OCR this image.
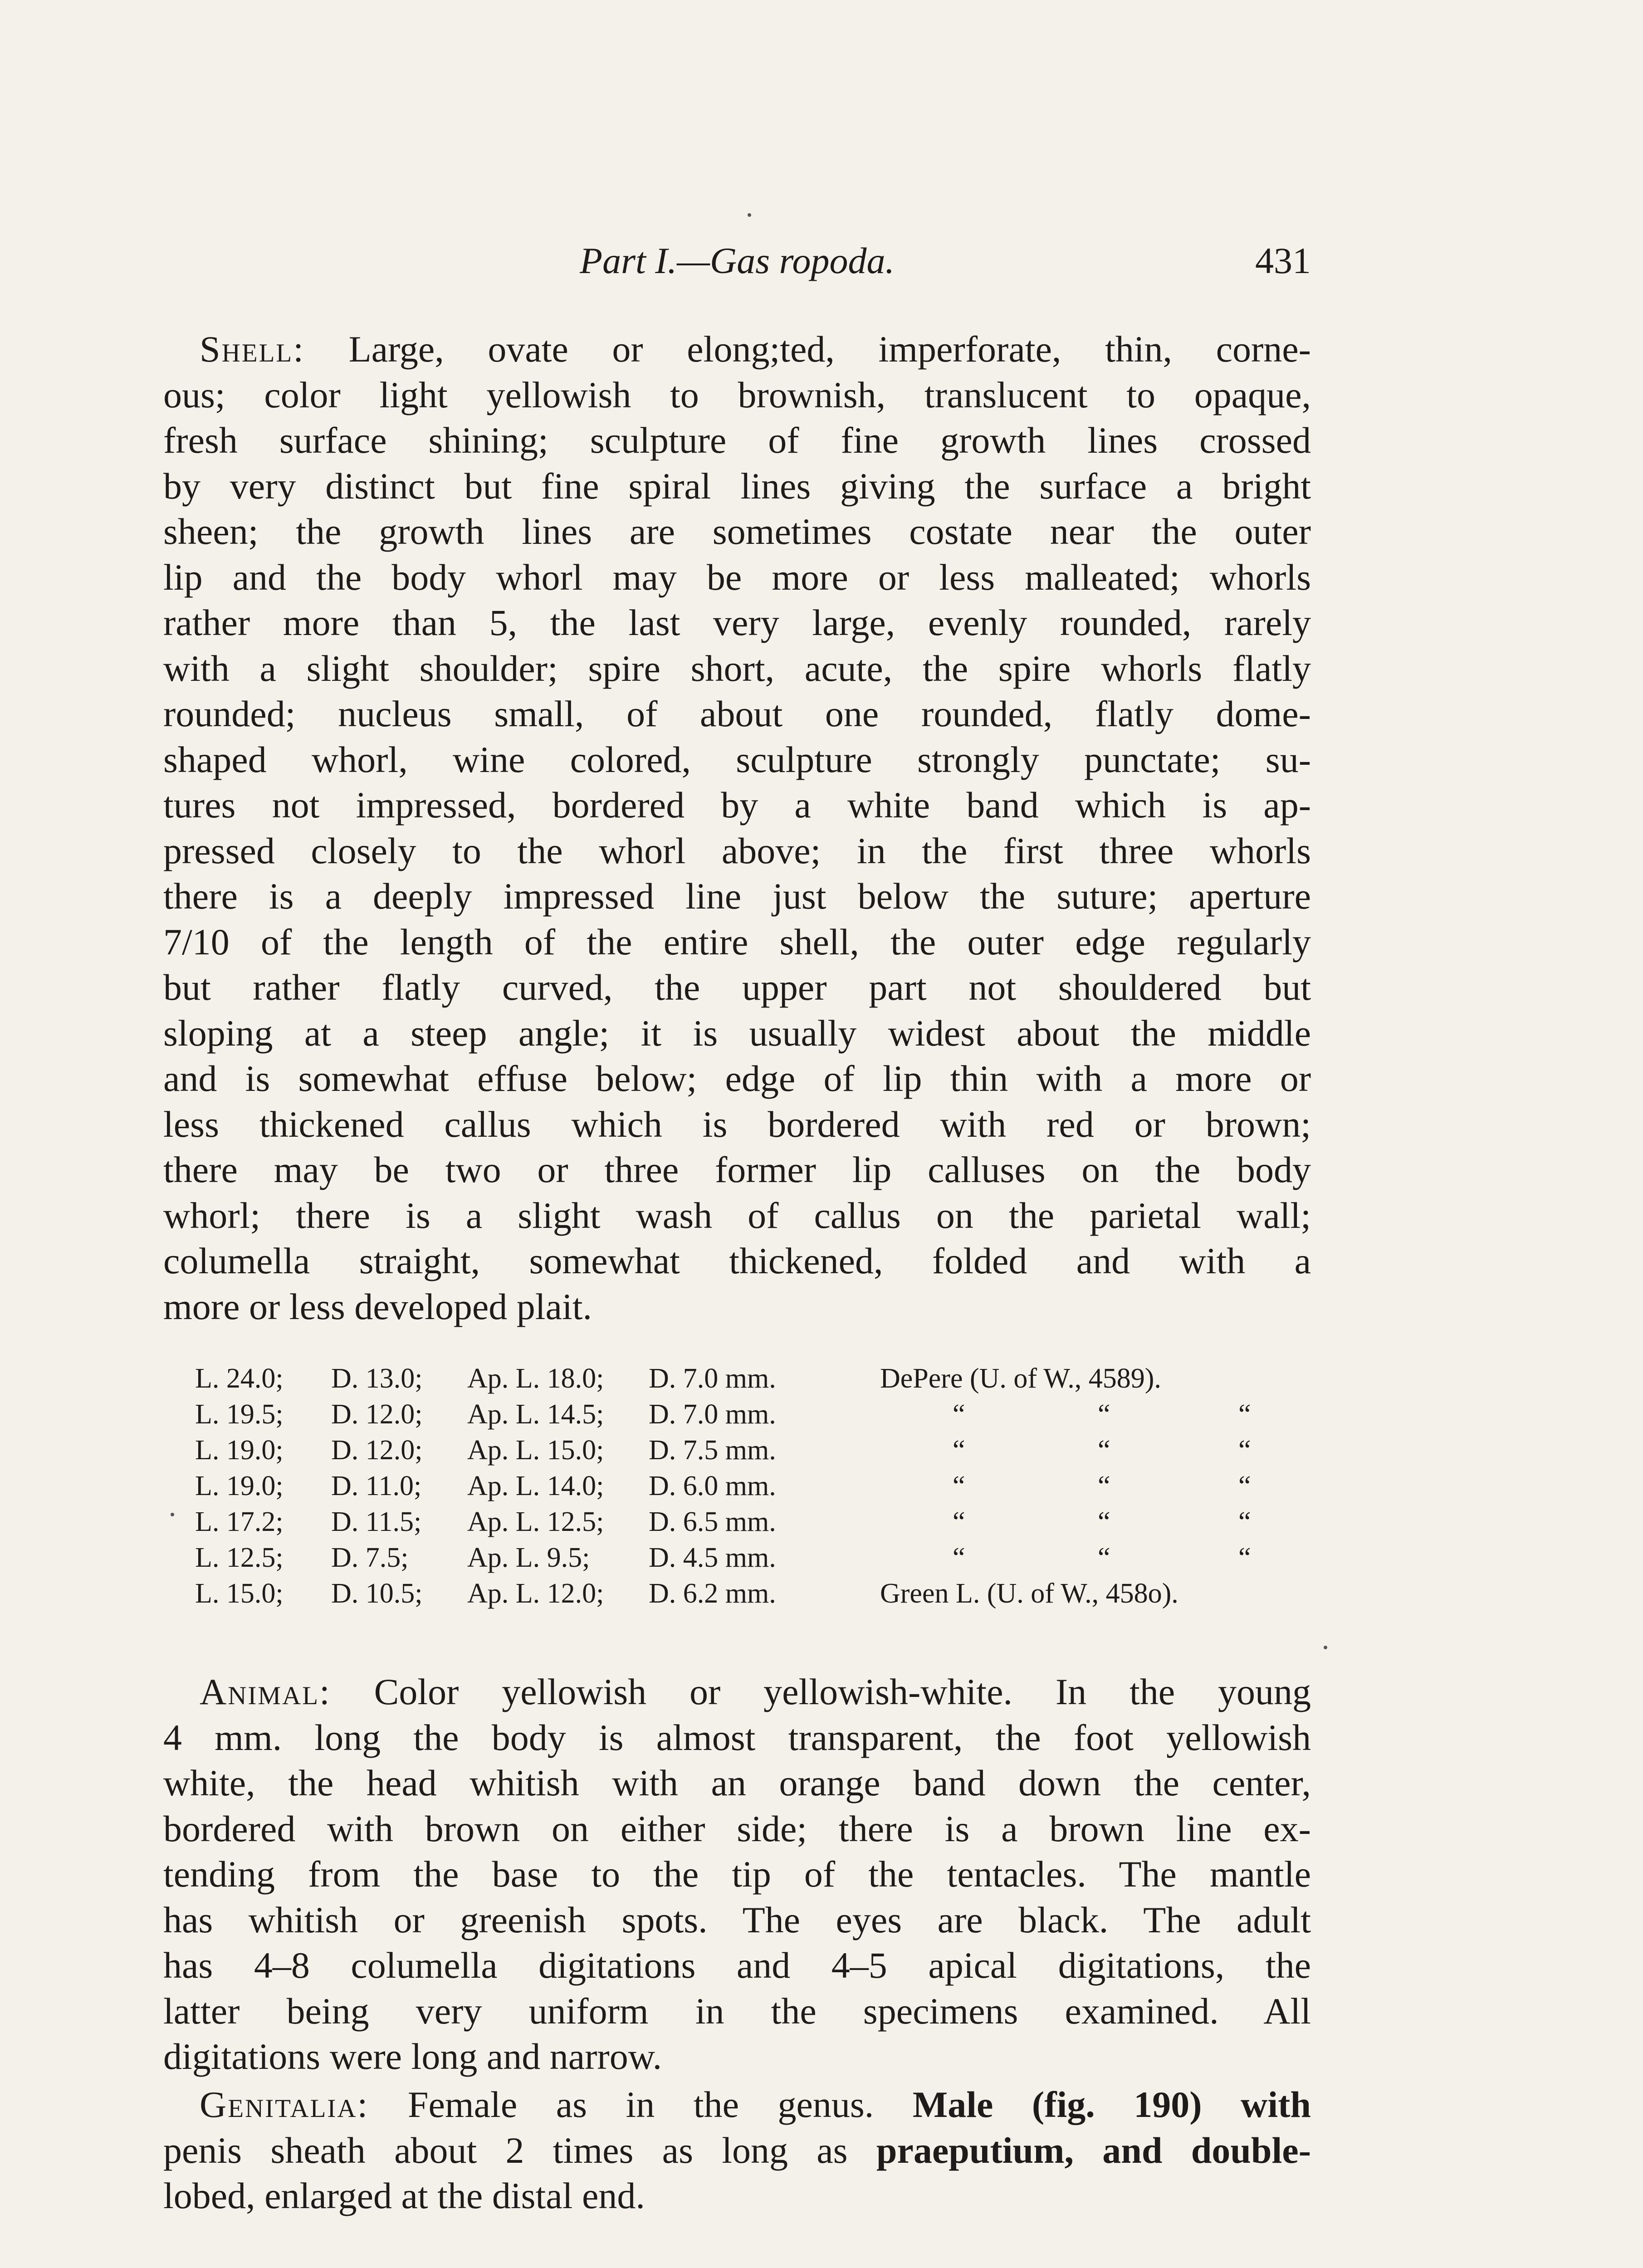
Part I.—Gas ropoda.	431
Shell: Large, ovate or elong;ted, imperforate, thin, corne-
ous; color light yellowish to brownish, translucent to opaque,
fresh surface shining; sculpture of fine growth lines crossed
by very distinct but fine spiral lines giving the surface a bright
sheen; the growth lines are sometimes costate near the outer
lip and the body whorl may be more or less malleated; whorls
rather more than 5, the last very large, evenly rounded, rarely
with a slight shoulder; spire short, acute, the spire whorls flatly
rounded; nucleus small, of about one rounded, flatly dome-
shaped whorl, wine colored, sculpture strongly punctate; su-
tures not impressed, bordered by a white band which is ap-
pressed closely to the whorl above; in the first three whorls
there is a deeply impressed line just below the suture; aperture
7/10 of the length of the entire shell, the outer edge regularly
but rather flatly curved, the upper part not shouldered but
sloping at a steep angle; it is usually widest about the middle
and is somewhat effuse below; edge of lip thin with a more or
less thickened callus which is bordered with red or brown;
there may be two or three former lip calluses on the body
whorl; there is a slight wash of callus on the parietal wall;
columella straight, somewhat thickened, folded and with a
more or less developed plait.
L. 24.0; D. 13.0; Ap. L. 18.0; D. 7.0 mm.	DePere (U. of W., 4589).
L. 19.5; D. 12.0; Ap. L. 14.5; D. 7.0 mm.	“	“	“
L. 19.0; D. 12.0; Ap. L. 15.0; D. 7.5 mm.	“	“	“
L. 19.0; D. 11.0; Ap. L. 14.0; D. 6.0 mm.	“	“	“
L. 17.2; D. 11.5; Ap. L. 12.5; D. 6.5 mm.	“	“	“
L. 12.5; D. 7.5; Ap. L. 9.5; D. 4.5 mm.	“	“	“
L. 15.0; D. 10.5; Ap. L. 12.0; D. 6.2 mm.	Green L. (U. of W., 458o).
Animal: Color yellowish or yellowish-white. In the young
4 mm. long the body is almost transparent, the foot yellowish
white, the head whitish with an orange band down the center,
bordered with brown on either side; there is a brown line ex-
tending from the base to the tip of the tentacles. The mantle
has whitish or greenish spots. The eyes are black. The adult
has 4–8 columella digitations and 4–5 apical digitations, the
latter being very uniform in the specimens examined. All
digitations were long and narrow.
Genitalia: Female as in the genus. Male (fig. 190) with
penis sheath about 2 times as long as praeputium, and double-
lobed, enlarged at the distal end.
